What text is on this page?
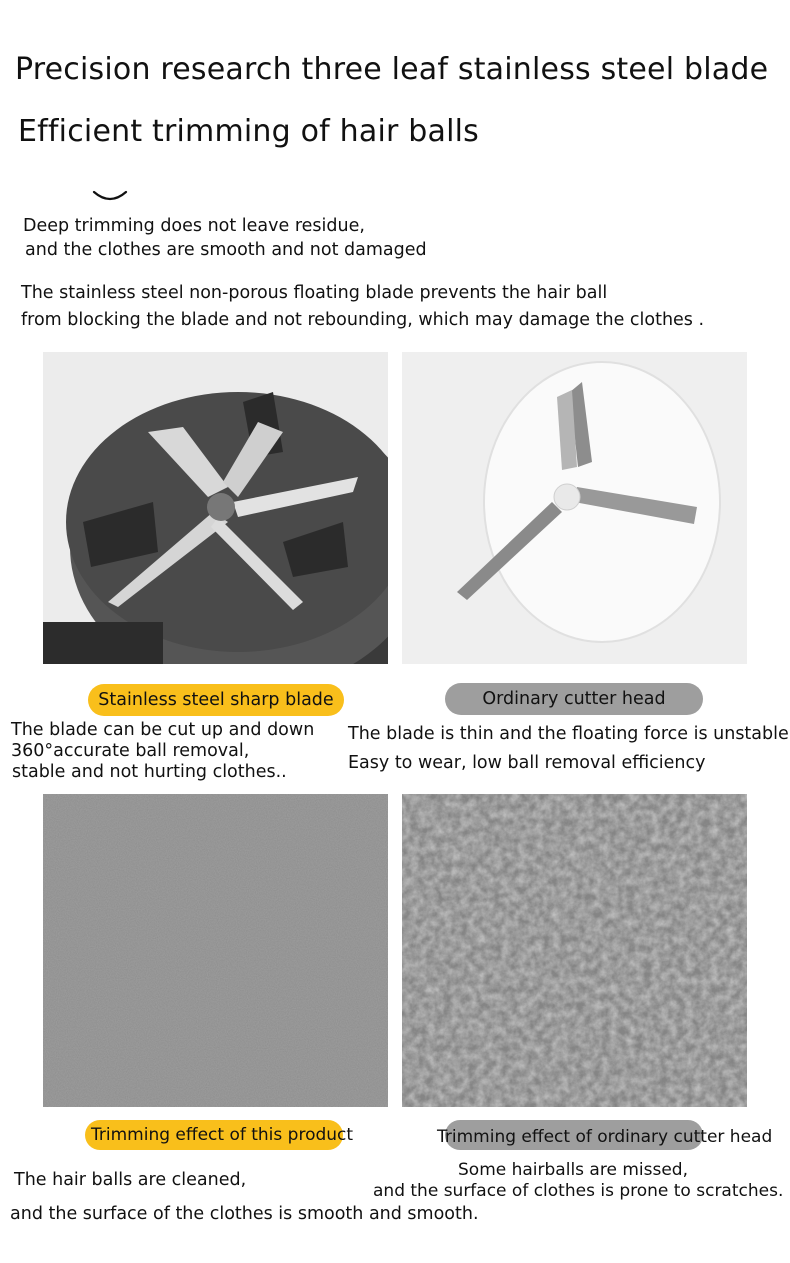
Precision research three leaf stainless steel blade
Efficient trimming of hair balls

Deep trimming does not leave residue,

and the clothes are smooth and not damaged

The stainless steel non-porous floating blade prevents the hair ball

from blocking the blade and not rebounding, which may damage the clothes .

Stainless steel sharp blade	Ordinary cutter head

The blade can be cut up and down

360°accurate ball removal,

stable and not hurting clothes..

The blade is thin and the floating force is unstable

Easy to wear, low ball removal efficiency

Trimming effect of this product	Trimming effect of ordinary cutter head
The hair balls are cleaned,
and the surface of the clothes is smooth and smooth.

Some hairballs are missed,

and the surface of clothes is prone to scratches.
